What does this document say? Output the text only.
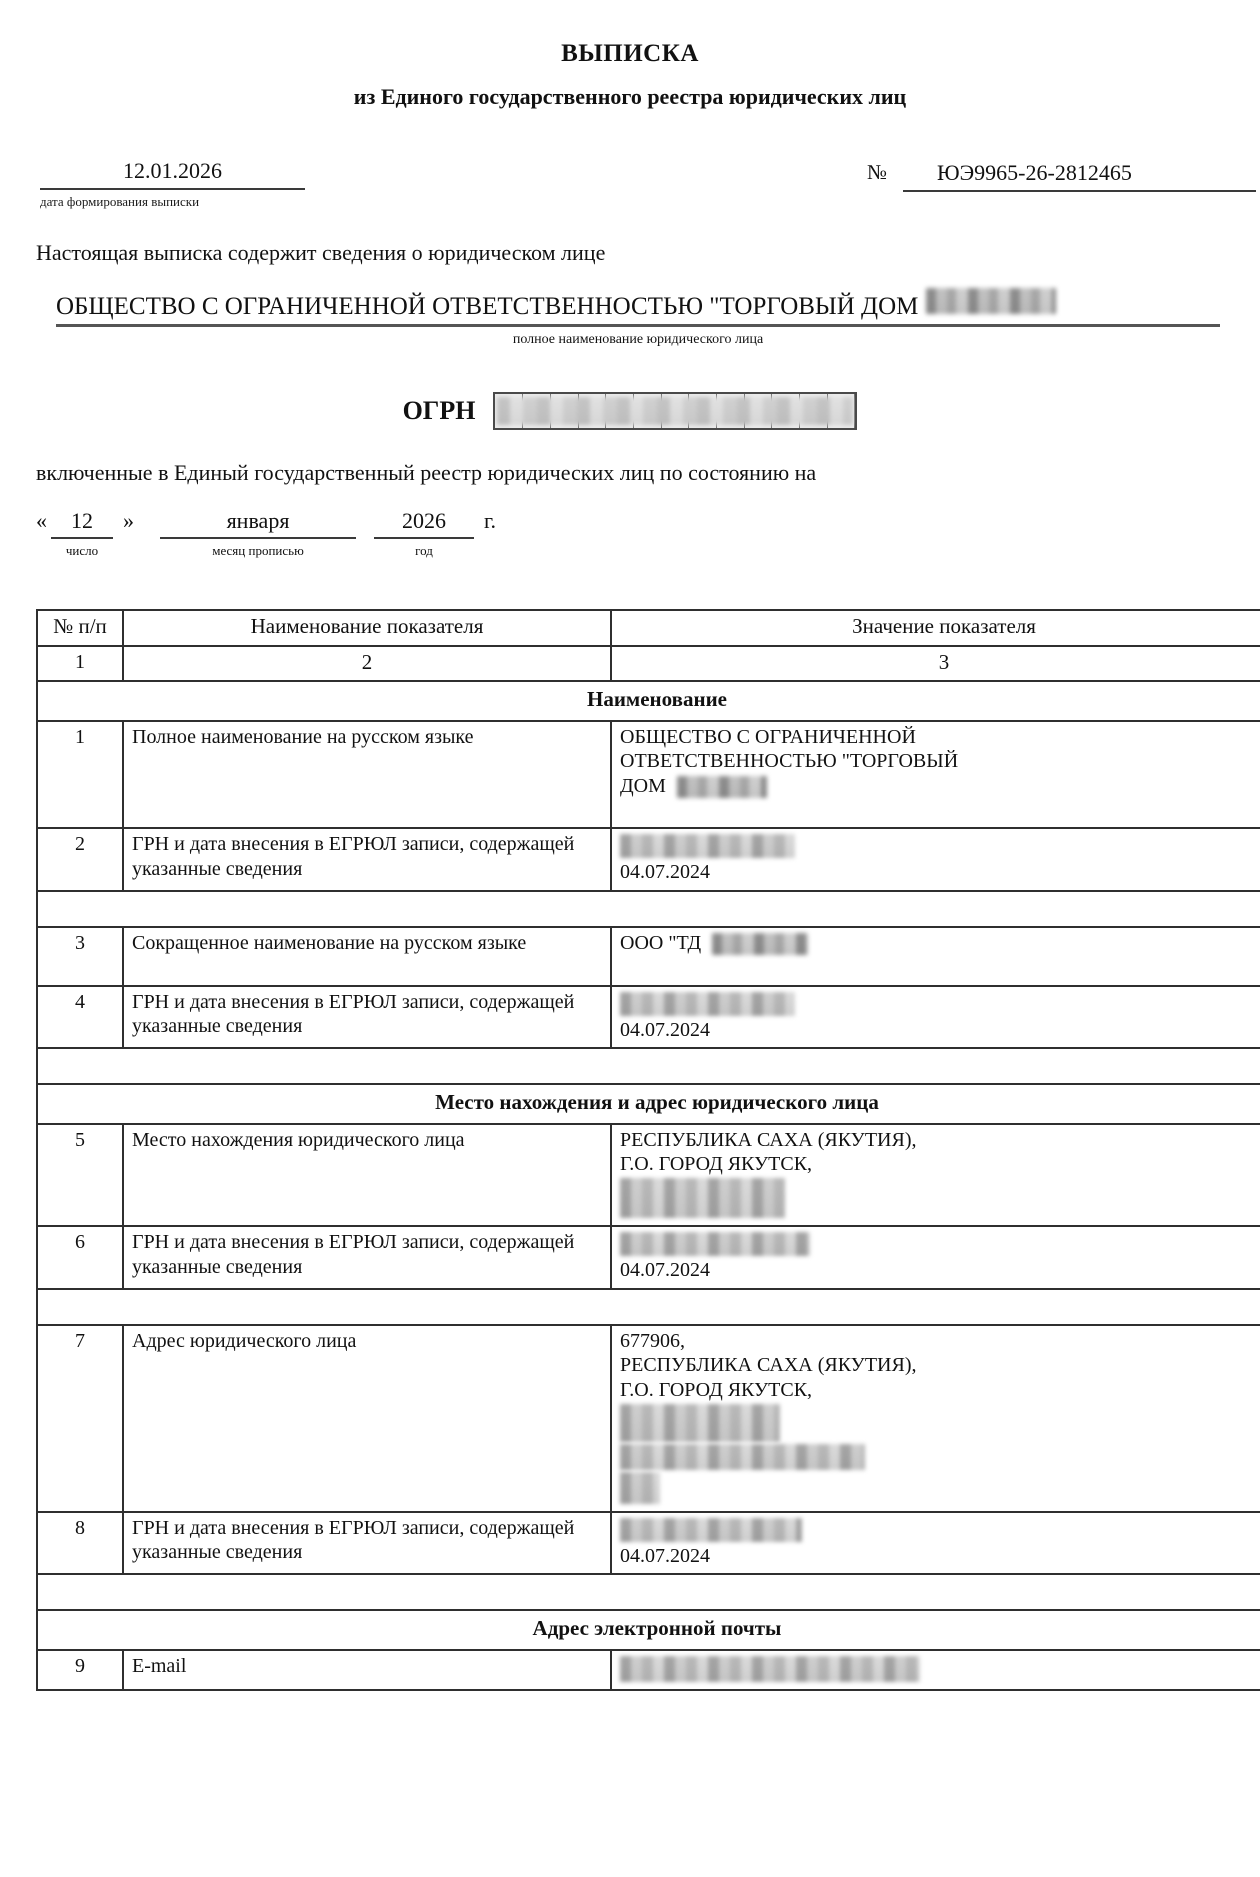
ВЫПИСКА
из Единого государственного реестра юридических лиц
12.01.2026
дата формирования выписки
№	ЮЭ9965-26-2812465
Настоящая выписка содержит сведения о юридическом лице
ОБЩЕСТВО С ОГРАНИЧЕННОЙ ОТВЕТСТВЕННОСТЬЮ "ТОРГОВЫЙ ДОМ
полное наименование юридического лица
ОГРН
включенные в Единый государственный реестр юридических лиц по состоянию на
«	12
число
»	января
месяц прописью
2026
год
г.
№ п/п	Наименование показателя	Значение показателя
1	2	3
Наименование		
1	Полное наименование на русском языке	ОБЩЕСТВО С ОГРАНИЧЕННОЙ
ОТВЕТСТВЕННОСТЬЮ "ТОРГОВЫЙ
ДОМ

2	ГРН и дата внесения в ЕГРЮЛ записи, содержащей указанные сведения	04.07.2024

3	Сокращенное наименование на русском языке	ООО "ТД

4	ГРН и дата внесения в ЕГРЮЛ записи, содержащей указанные сведения	04.07.2024

Место нахождения и адрес юридического лица		
5	Место нахождения юридического лица	РЕСПУБЛИКА САХА (ЯКУТИЯ),
Г.О. ГОРОД ЯКУТСК,

6	ГРН и дата внесения в ЕГРЮЛ записи, содержащей указанные сведения	04.07.2024

7	Адрес юридического лица	677906,
РЕСПУБЛИКА САХА (ЯКУТИЯ),
Г.О. ГОРОД ЯКУТСК,

8	ГРН и дата внесения в ЕГРЮЛ записи, содержащей указанные сведения	04.07.2024

Адрес электронной почты		
9	E-mail	
